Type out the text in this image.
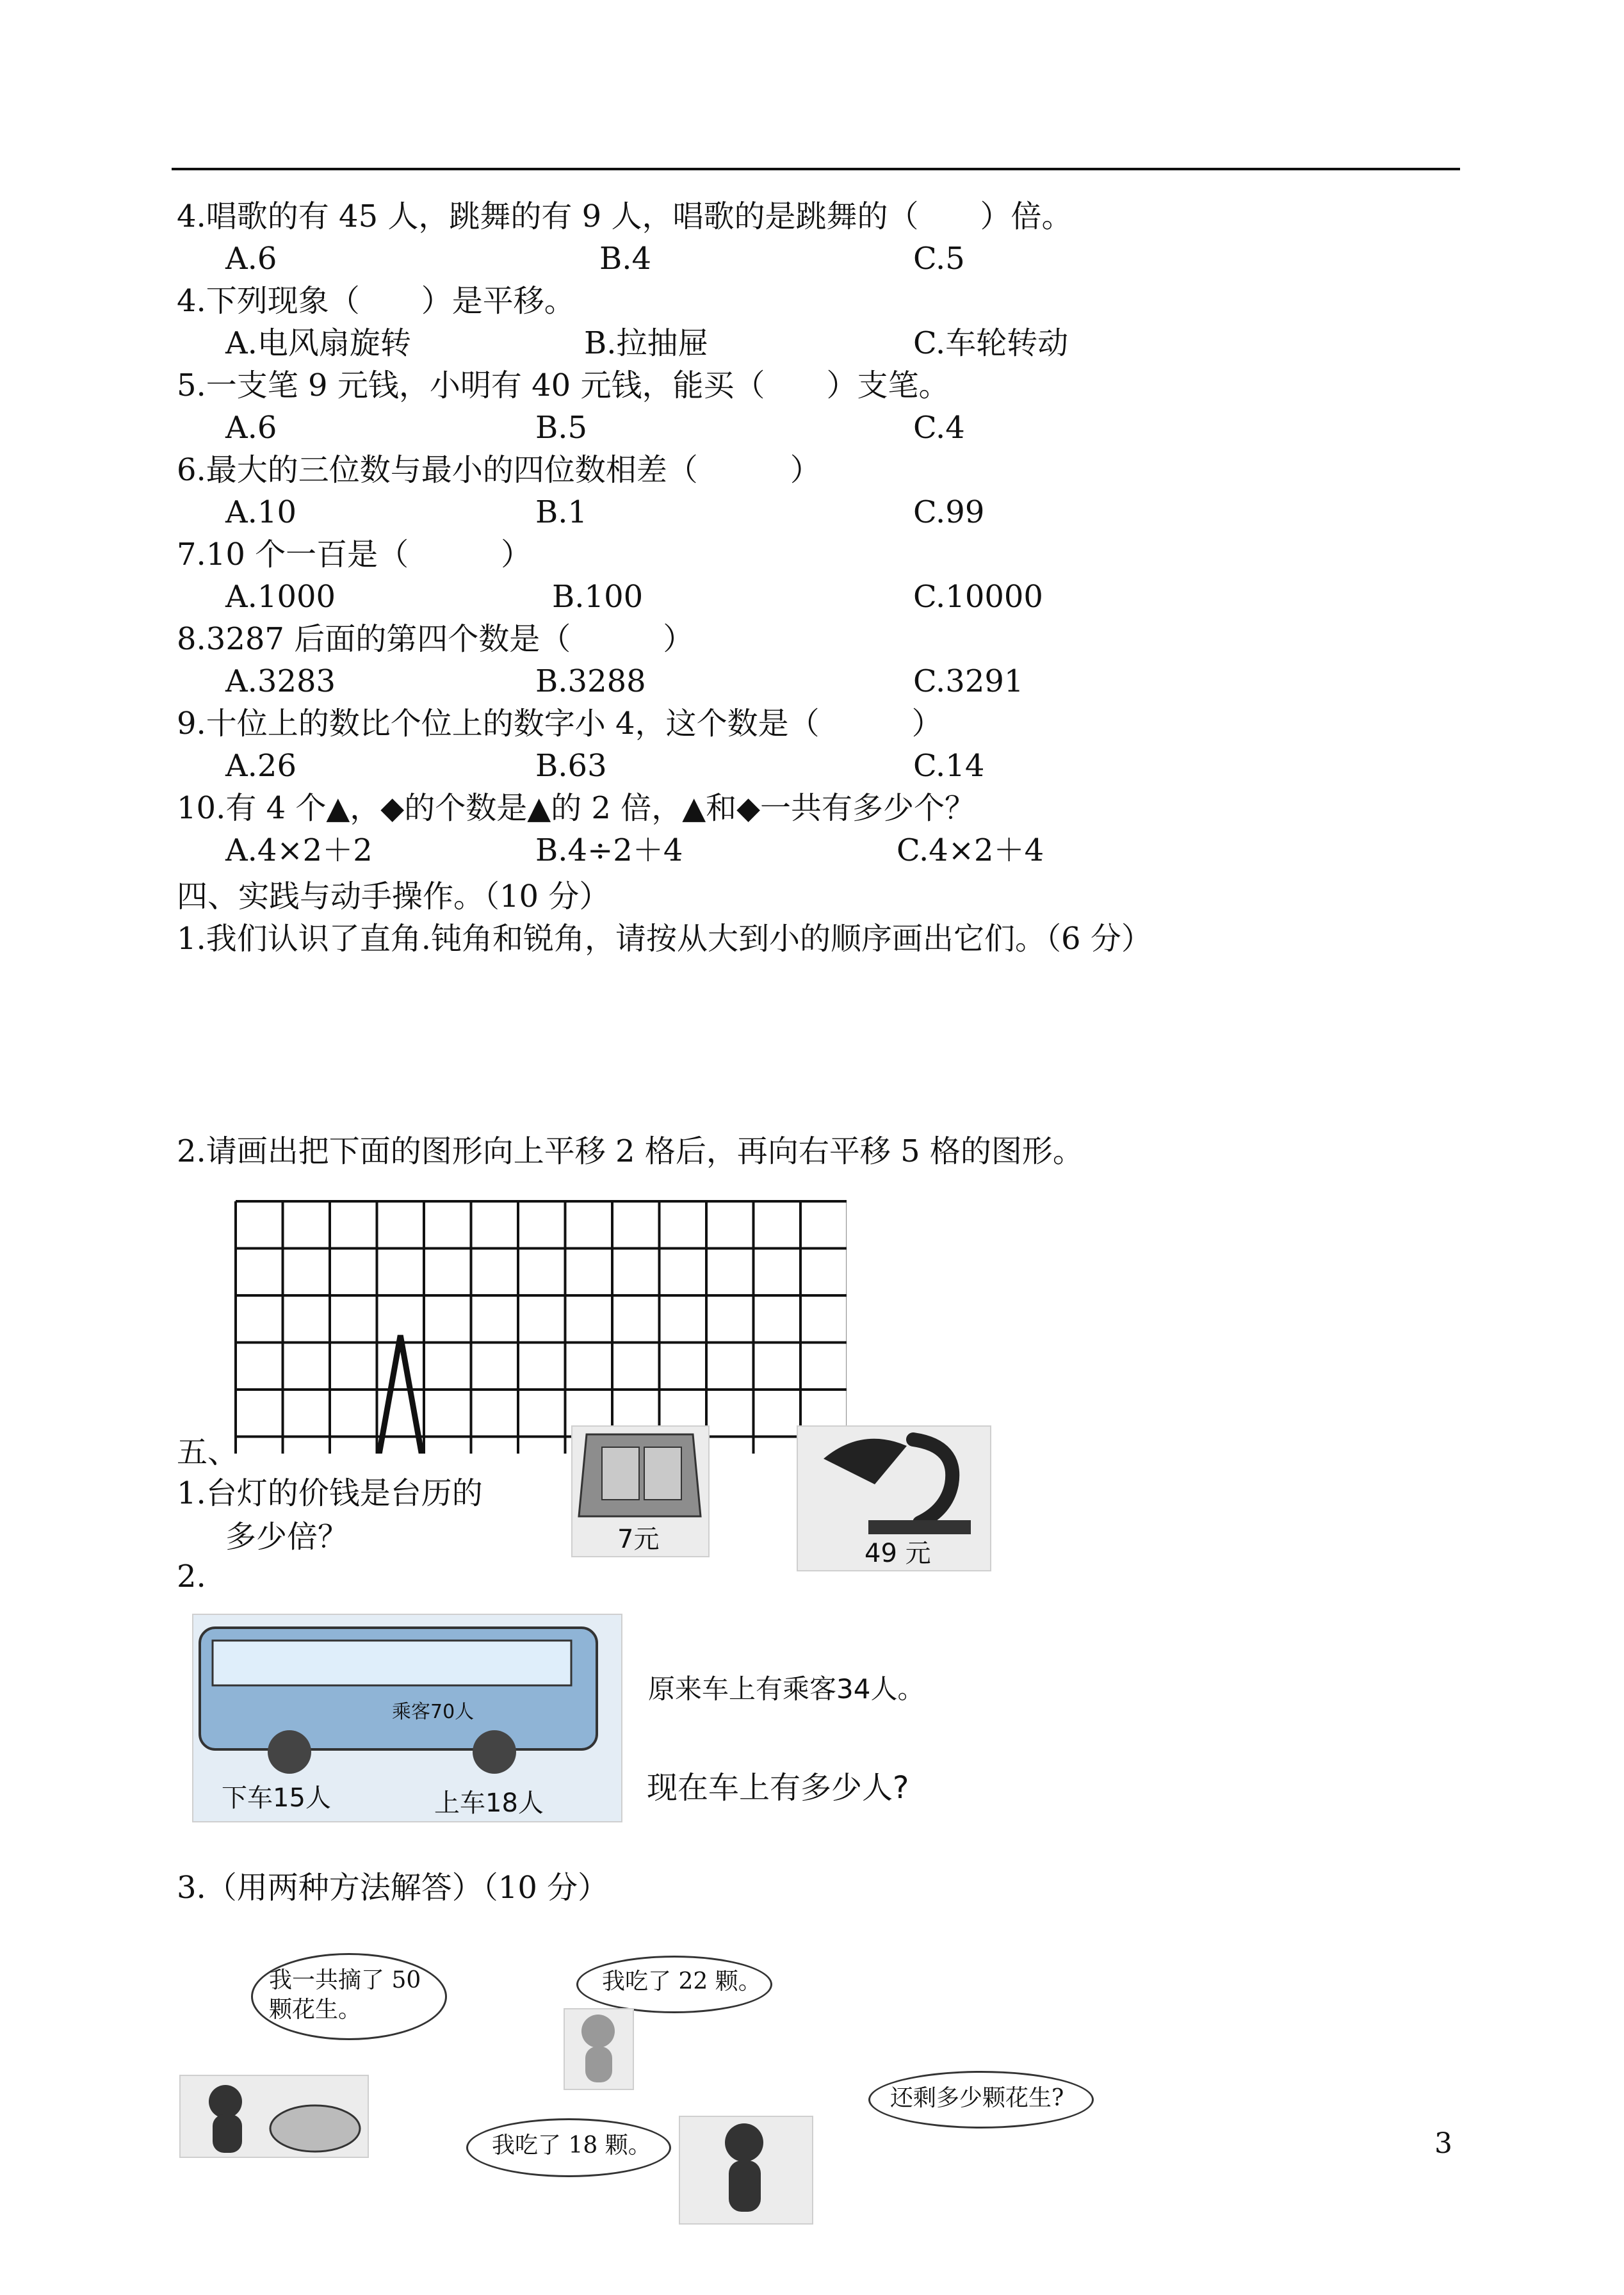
4.唱歌的有 45 人，跳舞的有 9 人，唱歌的是跳舞的（　　）倍。
A.6	B.4	C.5
4.下列现象（　　）是平移。
A.电风扇旋转	B.拉抽屉	C.车轮转动
5.一支笔 9 元钱，小明有 40 元钱，能买（　　）支笔。
A.6	B.5	C.4
6.最大的三位数与最小的四位数相差（　　　）
A.10	B.1	C.99
7.10 个一百是（　　　）
A.1000	B.100	C.10000
8.3287 后面的第四个数是（　　　）
A.3283	B.3288	C.3291
9.十位上的数比个位上的数字小 4，这个数是（　　　）
A.26	B.63	C.14
10.有 4 个▲，◆的个数是▲的 2 倍，▲和◆一共有多少个？
A.4×2＋2	B.4÷2＋4	C.4×2＋4
四、实践与动手操作。（10 分）
1.我们认识了直角.钝角和锐角，请按从大到小的顺序画出它们。（6 分）
2.请画出把下面的图形向上平移 2 格后，再向右平移 5 格的图形。
五、
1.台灯的价钱是台历的
多少倍？	7元	49 元
2.
乘客70人
下车15人	上车18人
原来车上有乘客34人。
现在车上有多少人?
3.（用两种方法解答）（10 分）
我一共摘了 50
颗花生。
我吃了 22 颗。
我吃了 18 颗。
还剩多少颗花生?
3
